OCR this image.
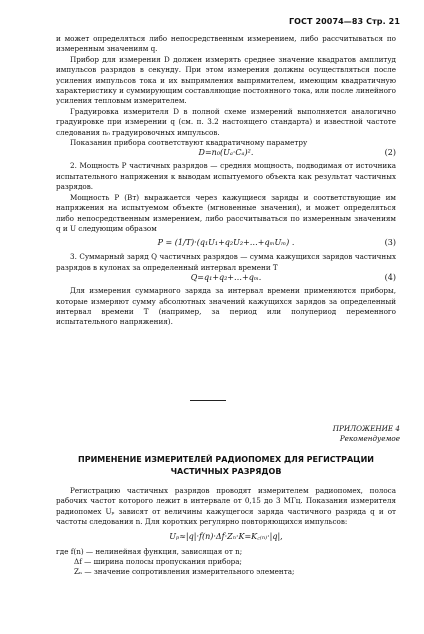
ГОСТ 20074—83 Стр. 21

и может определяться либо непосредственным измерением, либо рассчитываться по измеренным значениям q.

Прибор для измерения D должен измерять среднее значение квадратов амплитуд импульсов разрядов в секунду. При этом измерения должны осуществляться после усиления импульсов тока и их выпрямления выпрямителем, имеющим квадратичную характеристику и суммирующим составляющие постоянного тока, или после линейного усиления тепловым измерителем.

Градуировка измерителя D в полной схеме измерений выполняется аналогично градуировке при измерении q (см. п. 3.2 настоящего стандарта) и известной частоте следования n₀ градуировочных импульсов.

Показания прибора соответствуют квадратичному параметру

D=n₀(Uₐ·Cₐ)².	(2)

2. Мощность P частичных разрядов — средняя мощность, подводимая от источника испытательного напряжения к выводам испытуемого объекта как результат частичных разрядов.

Мощность P (Вт) выражается через кажущиеся заряды и соответствующие им напряжения на испытуемом объекте (мгновенные значения), и может определяться либо непосредственным измерением, либо рассчитываться по измеренным значениям q и U следующим образом

P = (1/T)·(q₁U₁+q₂U₂+…+qₘUₘ) .	(3)

3. Суммарный заряд Q частичных разрядов — сумма кажущихся зарядов частичных разрядов в кулонах за определенный интервал времени T

Q=q₁+q₂+…+qₘ.	(4)

Для измерения суммарного заряда за интервал времени применяются приборы, которые измеряют сумму абсолютных значений кажущихся зарядов за определенный интервал времени T (например, за период или полупериод переменного испытательного напряжения).

ПРИЛОЖЕНИЕ 4
Рекомендуемое
ПРИМЕНЕНИЕ ИЗМЕРИТЕЛЕЙ РАДИОПОМЕХ ДЛЯ РЕГИСТРАЦИИ ЧАСТИЧНЫХ РАЗРЯДОВ

Регистрацию частичных разрядов проводят измерителем радиопомех, полоса рабочих частот которого лежит в интервале от 0,15 до 3 МГц. Показания измерителя радиопомех Uₚ зависят от величины кажущегося заряда частичного разряда q и от частоты следования n. Для коротких регулярно повторяющихся импульсов:

Uₚ≈|q|·f(n)·Δf·Zₙ·K=K꜀₍ₙ₎·|q|,

где f(n) — нелинейная функция, зависящая от n;

Δf — ширина полосы пропускания прибора;

Zₙ — значение сопротивления измерительного элемента;
